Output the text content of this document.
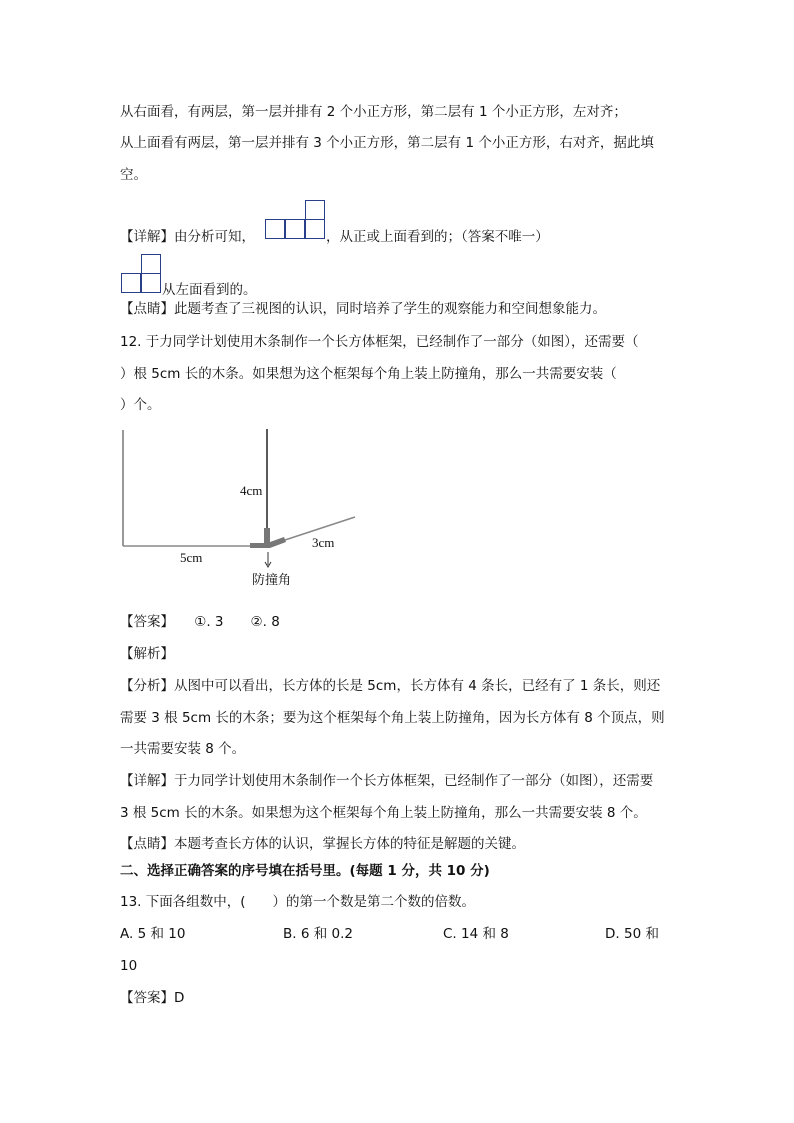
从右面看，有两层，第一层并排有 2 个小正方形，第二层有 1 个小正方形，左对齐；
从上面看有两层，第一层并排有 3 个小正方形，第二层有 1 个小正方形，右对齐，据此填
空。
【详解】由分析可知，	，从正或上面看到的；（答案不唯一）
从左面看到的。
【点睛】此题考查了三视图的认识，同时培养了学生的观察能力和空间想象能力。
12. 于力同学计划使用木条制作一个长方体框架，已经制作了一部分（如图），还需要（
）根 5cm 长的木条。如果想为这个框架每个角上装上防撞角，那么一共需要安装（
）个。
4cm
5cm
3cm
防撞角
【答案】　　①. 3　　②. 8
【解析】
【分析】从图中可以看出，长方体的长是 5cm，长方体有 4 条长，已经有了 1 条长，则还
需要 3 根 5cm 长的木条；要为这个框架每个角上装上防撞角，因为长方体有 8 个顶点，则
一共需要安装 8 个。
【详解】于力同学计划使用木条制作一个长方体框架，已经制作了一部分（如图），还需要
3 根 5cm 长的木条。如果想为这个框架每个角上装上防撞角，那么一共需要安装 8 个。
【点睛】本题考查长方体的认识，掌握长方体的特征是解题的关键。
二、选择正确答案的序号填在括号里。(每题 1 分，共 10 分)
13. 下面各组数中，(　　）的第一个数是第二个数的倍数。
A. 5 和 10	B. 6 和 0.2	C. 14 和 8	D. 50 和
10
【答案】D
